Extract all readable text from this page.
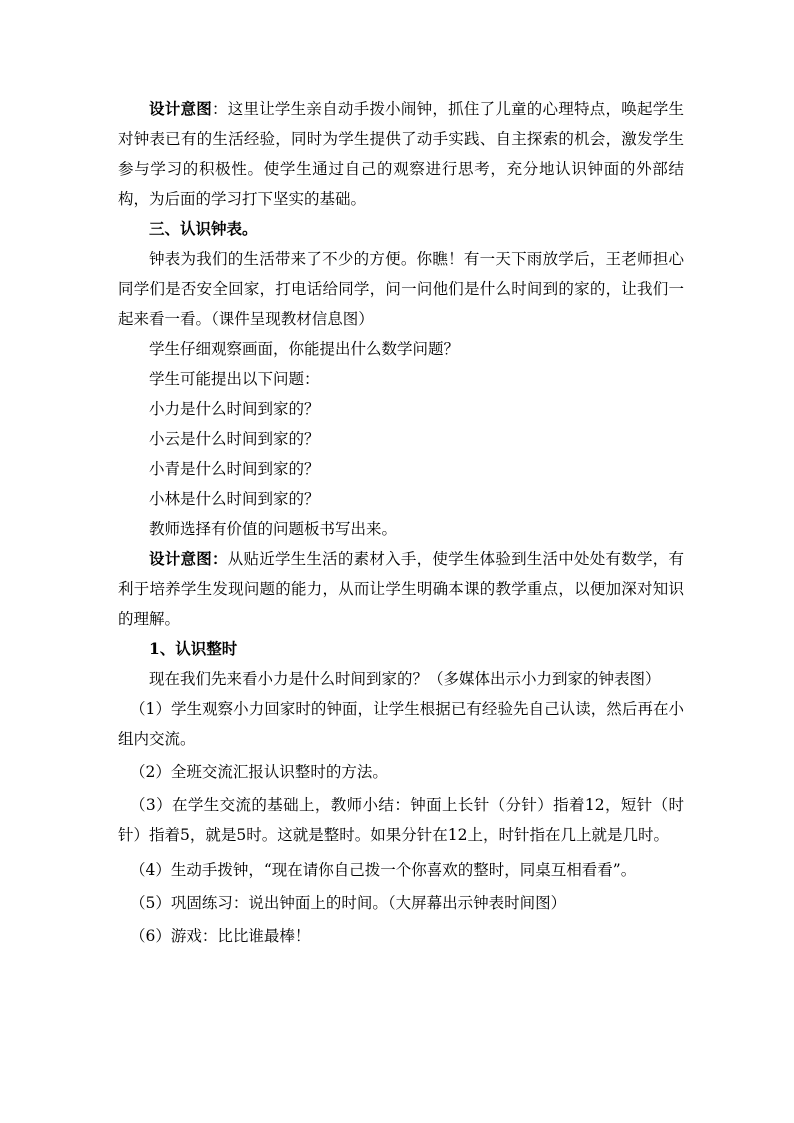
设计意图：这里让学生亲自动手拨小闹钟，抓住了儿童的心理特点，唤起学生对钟表已有的生活经验，同时为学生提供了动手实践、自主探索的机会，激发学生参与学习的积极性。使学生通过自己的观察进行思考，充分地认识钟面的外部结构，为后面的学习打下坚实的基础。

三、认识钟表。

钟表为我们的生活带来了不少的方便。你瞧！有一天下雨放学后，王老师担心同学们是否安全回家，打电话给同学，问一问他们是什么时间到的家的，让我们一起来看一看。（课件呈现教材信息图）

学生仔细观察画面，你能提出什么数学问题？

学生可能提出以下问题：

小力是什么时间到家的？

小云是什么时间到家的？

小青是什么时间到家的？

小林是什么时间到家的？

教师选择有价值的问题板书写出来。

设计意图：从贴近学生生活的素材入手，使学生体验到生活中处处有数学，有利于培养学生发现问题的能力，从而让学生明确本课的教学重点，以便加深对知识的理解。

1、认识整时

现在我们先来看小力是什么时间到家的？（多媒体出示小力到家的钟表图）

（1）学生观察小力回家时的钟面，让学生根据已有经验先自己认读，然后再在小组内交流。

（2）全班交流汇报认识整时的方法。

（3）在学生交流的基础上，教师小结：钟面上长针（分针）指着12，短针（时针）指着5，就是5时。这就是整时。如果分针在12上，时针指在几上就是几时。

（4）生动手拨钟，“现在请你自己拨一个你喜欢的整时，同桌互相看看”。

（5）巩固练习：说出钟面上的时间。（大屏幕出示钟表时间图）

（6）游戏：比比谁最棒！
